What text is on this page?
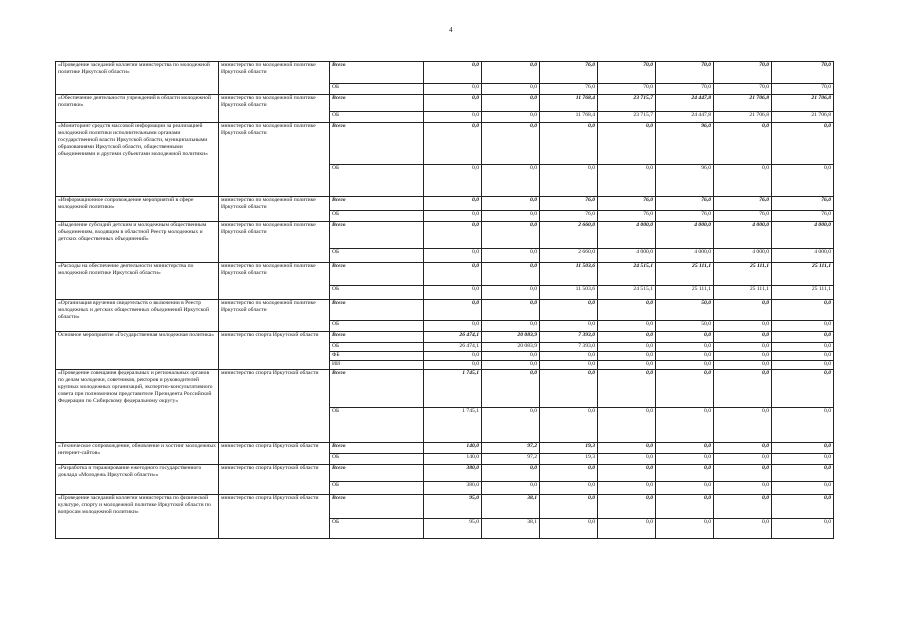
4
«Проведение заседаний коллегии министерства по молодежной политике Иркутской области»	министерство по молодежной политике Иркутской области	Всего	0,0	0,0	76,0	70,0	70,0	70,0	70,0
		ОБ	0,0	0,0	76,0	70,0	70,0	70,0	70,0
«Обеспечение деятельности учреждений в области молодежной политики»	министерство по молодежной политике Иркутской области	Всего	0,0	0,0	11 768,4	23 715,7	24 447,8	21 706,8	21 706,8
		ОБ	0,0	0,0	11 768,4	23 715,7	24 447,8	21 706,8	21 706,8
«Мониторинг средств массовой информации за реализацией молодежной политики исполнительными органами государственной власти Иркутской области, муниципальными образованиями Иркутской области, общественными объединениями и другими субъектами молодежной политики»	министерство по молодежной политике Иркутской области	Всего	0,0	0,0	0,0	0,0	96,0	0,0	0,0
		ОБ	0,0	0,0	0,0	0,0	96,0	0,0	0,0
«Информационное сопровождение мероприятий в сфере молодежной политики»	министерство по молодежной политике Иркутской области	Всего	0,0	0,0	76,0	76,0	76,0	76,0	76,0
		ОБ	0,0	0,0	76,0	76,0	76,0	76,0	76,0
«Выделение субсидий детским и молодежным общественным объединениям, входящим в областной Реестр молодежных и детских общественных объединений»	министерство по молодежной политике Иркутской области	Всего	0,0	0,0	2 660,0	4 000,0	4 000,0	4 000,0	4 000,0
		ОБ	0,0	0,0	2 660,0	4 000,0	4 000,0	4 000,0	4 000,0
«Расходы на обеспечение деятельности министерства по молодежной политике Иркутской области»	министерство по молодежной политике Иркутской области	Всего	0,0	0,0	11 503,6	24 515,1	25 111,1	25 111,1	25 111,1
		ОБ	0,0	0,0	11 503,6	24 515,1	25 111,1	25 111,1	25 111,1
«Организация вручения свидетельств о включении в Реестр молодежных и детских общественных объединений Иркутской области»	министерство по молодежной политике Иркутской области	Всего	0,0	0,0	0,0	0,0	50,0	0,0	0,0
		ОБ	0,0	0,0	0,0	0,0	50,0	0,0	0,0
Основное мероприятие «Государственная молодежная политика»	министерство спорта Иркутской области	Всего	26 474,1	20 083,9	7 393,0	0,0	0,0	0,0	0,0
		ОБ	26 474,1	20 083,9	7 393,0	0,0	0,0	0,0	0,0
		ФБ	0,0	0,0	0,0	0,0	0,0	0,0	0,0
		ИИ	0,0	0,0	0,0	0,0	0,0	0,0	0,0
«Проведение совещания федеральных и региональных органов по делам молодежи, советников, ректоров и руководителей крупных молодежных организаций, экспертно-консультативного совета при полномочном представителе Президента Российской Федерации по Сибирскому федеральному округу»	министерство спорта Иркутской области	Всего	1 745,1	0,0	0,0	0,0	0,0	0,0	0,0
		ОБ	1 745,1	0,0	0,0	0,0	0,0	0,0	0,0
«Техническое сопровождение, обновление и хостинг молодежных интернет-сайтов»	министерство спорта Иркутской области	Всего	140,0	97,2	19,3	0,0	0,0	0,0	0,0
		ОБ	140,0	97,2	19,3	0,0	0,0	0,0	0,0
«Разработка и тиражирование ежегодного государственного доклада «Молодежь Иркутской области»»	министерство спорта Иркутской области	Всего	380,0	0,0	0,0	0,0	0,0	0,0	0,0
		ОБ	380,0	0,0	0,0	0,0	0,0	0,0	0,0
«Проведение заседаний коллегии министерства по физической культуре, спорту и молодежной политике Иркутской области по вопросам молодежной политики»	министерство спорта Иркутской области	Всего	95,0	38,1	0,0	0,0	0,0	0,0	0,0
		ОБ	95,0	38,1	0,0	0,0	0,0	0,0	0,0
